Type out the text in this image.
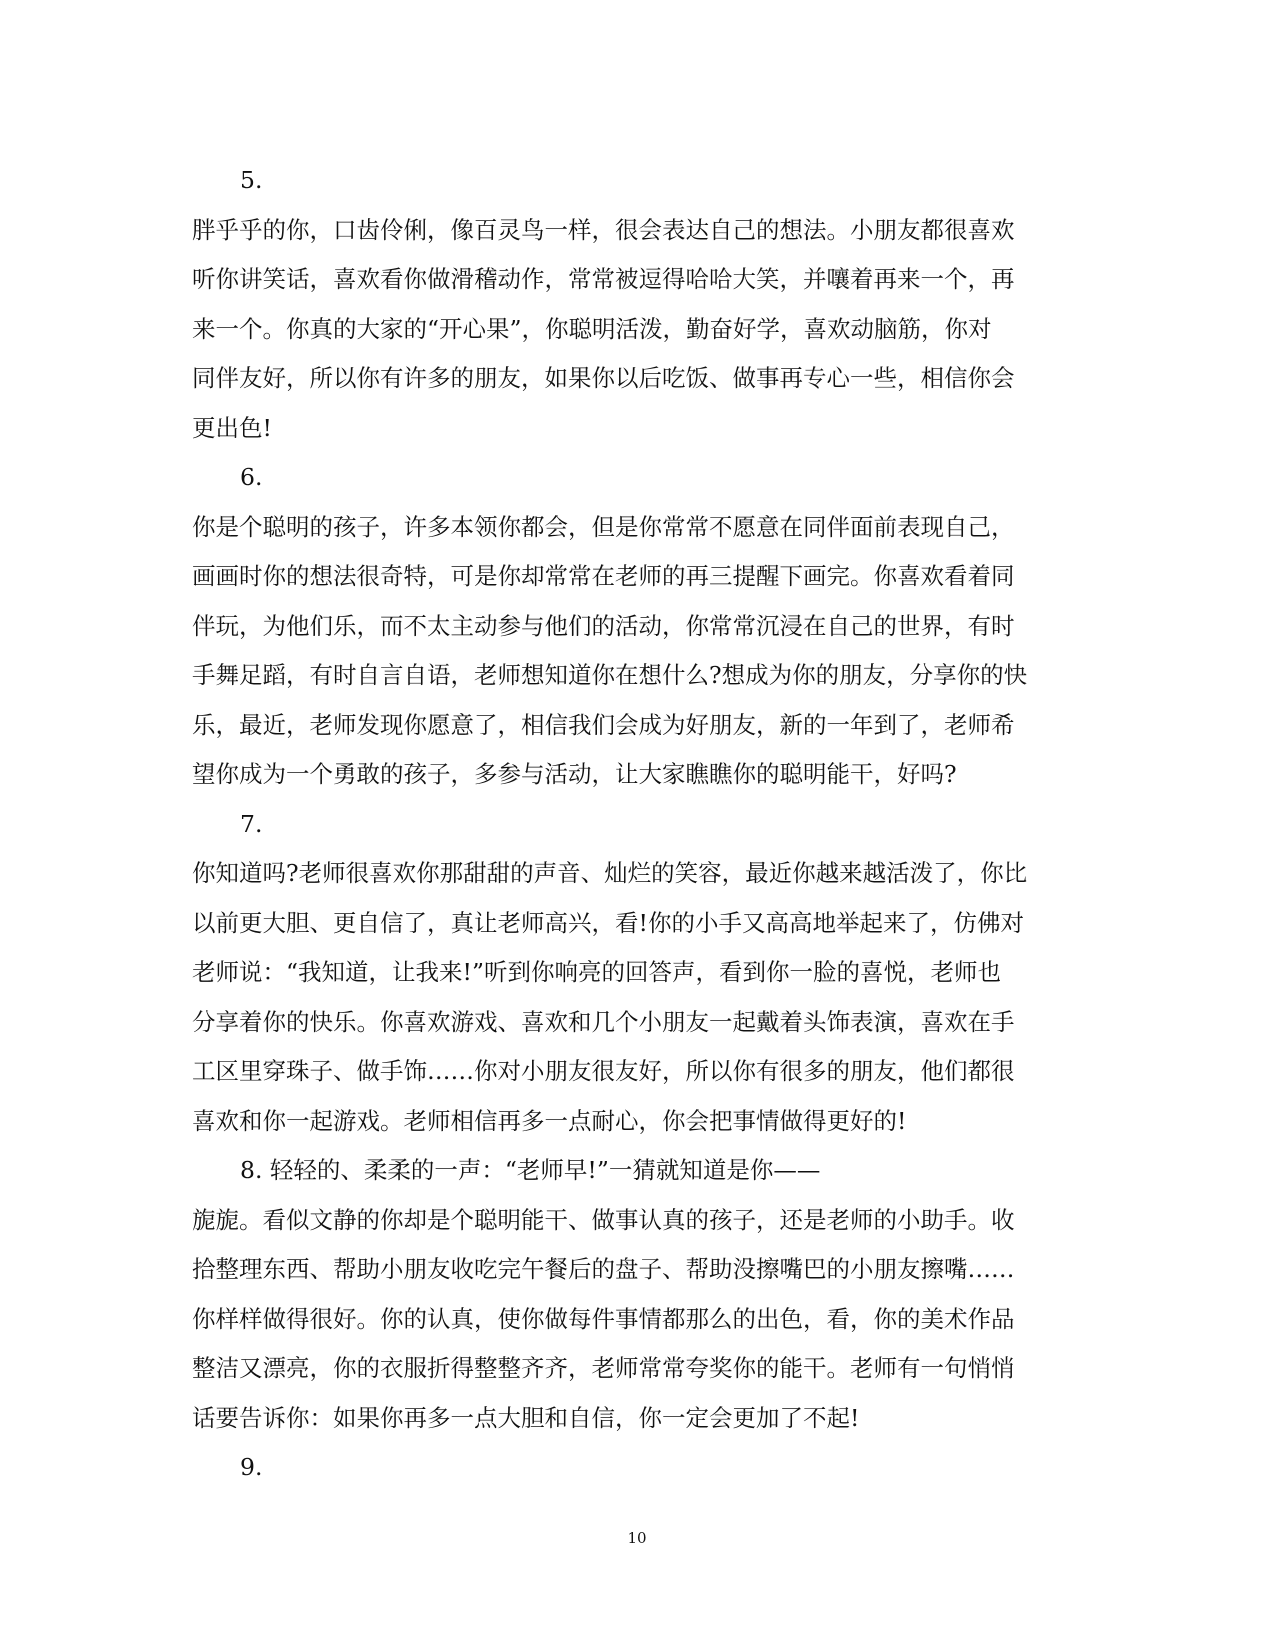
5.
胖乎乎的你，口齿伶俐，像百灵鸟一样，很会表达自己的想法。小朋友都很喜欢
听你讲笑话，喜欢看你做滑稽动作，常常被逗得哈哈大笑，并嚷着再来一个，再
来一个。你真的大家的“开心果”，你聪明活泼，勤奋好学，喜欢动脑筋，你对
同伴友好，所以你有许多的朋友，如果你以后吃饭、做事再专心一些，相信你会
更出色!
6.
你是个聪明的孩子，许多本领你都会，但是你常常不愿意在同伴面前表现自己，
画画时你的想法很奇特，可是你却常常在老师的再三提醒下画完。你喜欢看着同
伴玩，为他们乐，而不太主动参与他们的活动，你常常沉浸在自己的世界，有时
手舞足蹈，有时自言自语，老师想知道你在想什么?想成为你的朋友，分享你的快
乐，最近，老师发现你愿意了，相信我们会成为好朋友，新的一年到了，老师希
望你成为一个勇敢的孩子，多参与活动，让大家瞧瞧你的聪明能干，好吗?
7.
你知道吗?老师很喜欢你那甜甜的声音、灿烂的笑容，最近你越来越活泼了，你比
以前更大胆、更自信了，真让老师高兴，看!你的小手又高高地举起来了，仿佛对
老师说：“我知道，让我来!”听到你响亮的回答声，看到你一脸的喜悦，老师也
分享着你的快乐。你喜欢游戏、喜欢和几个小朋友一起戴着头饰表演，喜欢在手
工区里穿珠子、做手饰……你对小朋友很友好，所以你有很多的朋友，他们都很
喜欢和你一起游戏。老师相信再多一点耐心，你会把事情做得更好的!
8. 轻轻的、柔柔的一声：“老师早!”一猜就知道是你——
旎旎。看似文静的你却是个聪明能干、做事认真的孩子，还是老师的小助手。收
拾整理东西、帮助小朋友收吃完午餐后的盘子、帮助没擦嘴巴的小朋友擦嘴……
你样样做得很好。你的认真，使你做每件事情都那么的出色，看，你的美术作品
整洁又漂亮，你的衣服折得整整齐齐，老师常常夸奖你的能干。老师有一句悄悄
话要告诉你：如果你再多一点大胆和自信，你一定会更加了不起!
9.
10
